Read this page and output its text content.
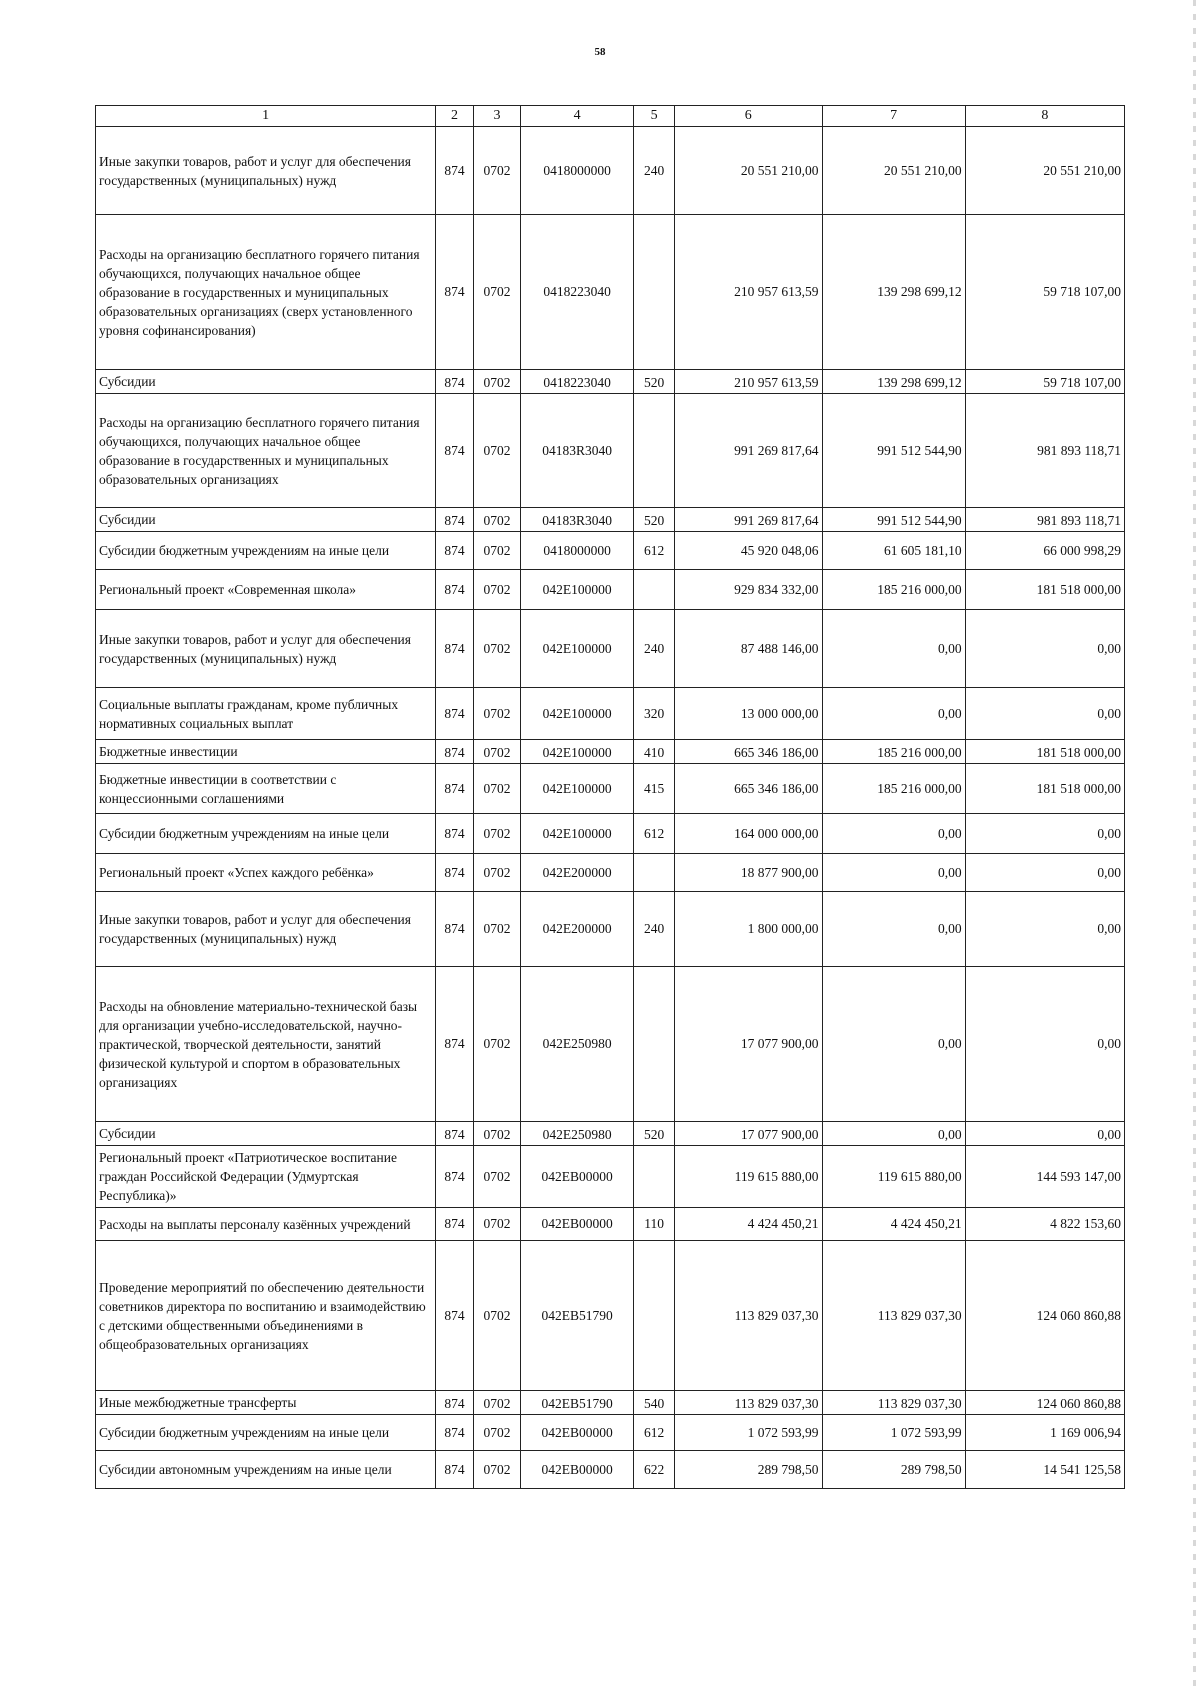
58
1	2	3	4	5	6	7	8
Иные закупки товаров, работ и услуг для обеспечения государственных (муниципальных) нужд	874	0702	0418000000	240	20 551 210,00	20 551 210,00	20 551 210,00
Расходы на организацию бесплатного горячего питания обучающихся, получающих начальное общее образование в государственных и муниципальных образовательных организациях (сверх установленного уровня софинансирования)	874	0702	0418223040		210 957 613,59	139 298 699,12	59 718 107,00
Субсидии	874	0702	0418223040	520	210 957 613,59	139 298 699,12	59 718 107,00
Расходы на организацию бесплатного горячего питания обучающихся, получающих начальное общее образование в государственных и муниципальных образовательных организациях	874	0702	04183R3040		991 269 817,64	991 512 544,90	981 893 118,71
Субсидии	874	0702	04183R3040	520	991 269 817,64	991 512 544,90	981 893 118,71
Субсидии бюджетным учреждениям на иные цели	874	0702	0418000000	612	45 920 048,06	61 605 181,10	66 000 998,29
Региональный проект «Современная школа»	874	0702	042E100000		929 834 332,00	185 216 000,00	181 518 000,00
Иные закупки товаров, работ и услуг для обеспечения государственных (муниципальных) нужд	874	0702	042E100000	240	87 488 146,00	0,00	0,00
Социальные выплаты гражданам, кроме публичных нормативных социальных выплат	874	0702	042E100000	320	13 000 000,00	0,00	0,00
Бюджетные инвестиции	874	0702	042E100000	410	665 346 186,00	185 216 000,00	181 518 000,00
Бюджетные инвестиции в соответствии с концессионными соглашениями	874	0702	042E100000	415	665 346 186,00	185 216 000,00	181 518 000,00
Субсидии бюджетным учреждениям на иные цели	874	0702	042E100000	612	164 000 000,00	0,00	0,00
Региональный проект «Успех каждого ребёнка»	874	0702	042E200000		18 877 900,00	0,00	0,00
Иные закупки товаров, работ и услуг для обеспечения государственных (муниципальных) нужд	874	0702	042E200000	240	1 800 000,00	0,00	0,00
Расходы на обновление материально-технической базы для организации учебно-исследовательской, научно-практической, творческой деятельности, занятий физической культурой и спортом в образовательных организациях	874	0702	042E250980		17 077 900,00	0,00	0,00
Субсидии	874	0702	042E250980	520	17 077 900,00	0,00	0,00
Региональный проект «Патриотическое воспитание граждан Российской Федерации (Удмуртская Республика)»	874	0702	042EB00000		119 615 880,00	119 615 880,00	144 593 147,00
Расходы на выплаты персоналу казённых учреждений	874	0702	042EB00000	110	4 424 450,21	4 424 450,21	4 822 153,60
Проведение мероприятий по обеспечению деятельности советников директора по воспитанию и взаимодействию с детскими общественными объединениями в общеобразовательных организациях	874	0702	042EB51790		113 829 037,30	113 829 037,30	124 060 860,88
Иные межбюджетные трансферты	874	0702	042EB51790	540	113 829 037,30	113 829 037,30	124 060 860,88
Субсидии бюджетным учреждениям на иные цели	874	0702	042EB00000	612	1 072 593,99	1 072 593,99	1 169 006,94
Субсидии автономным учреждениям на иные цели	874	0702	042EB00000	622	289 798,50	289 798,50	14 541 125,58
